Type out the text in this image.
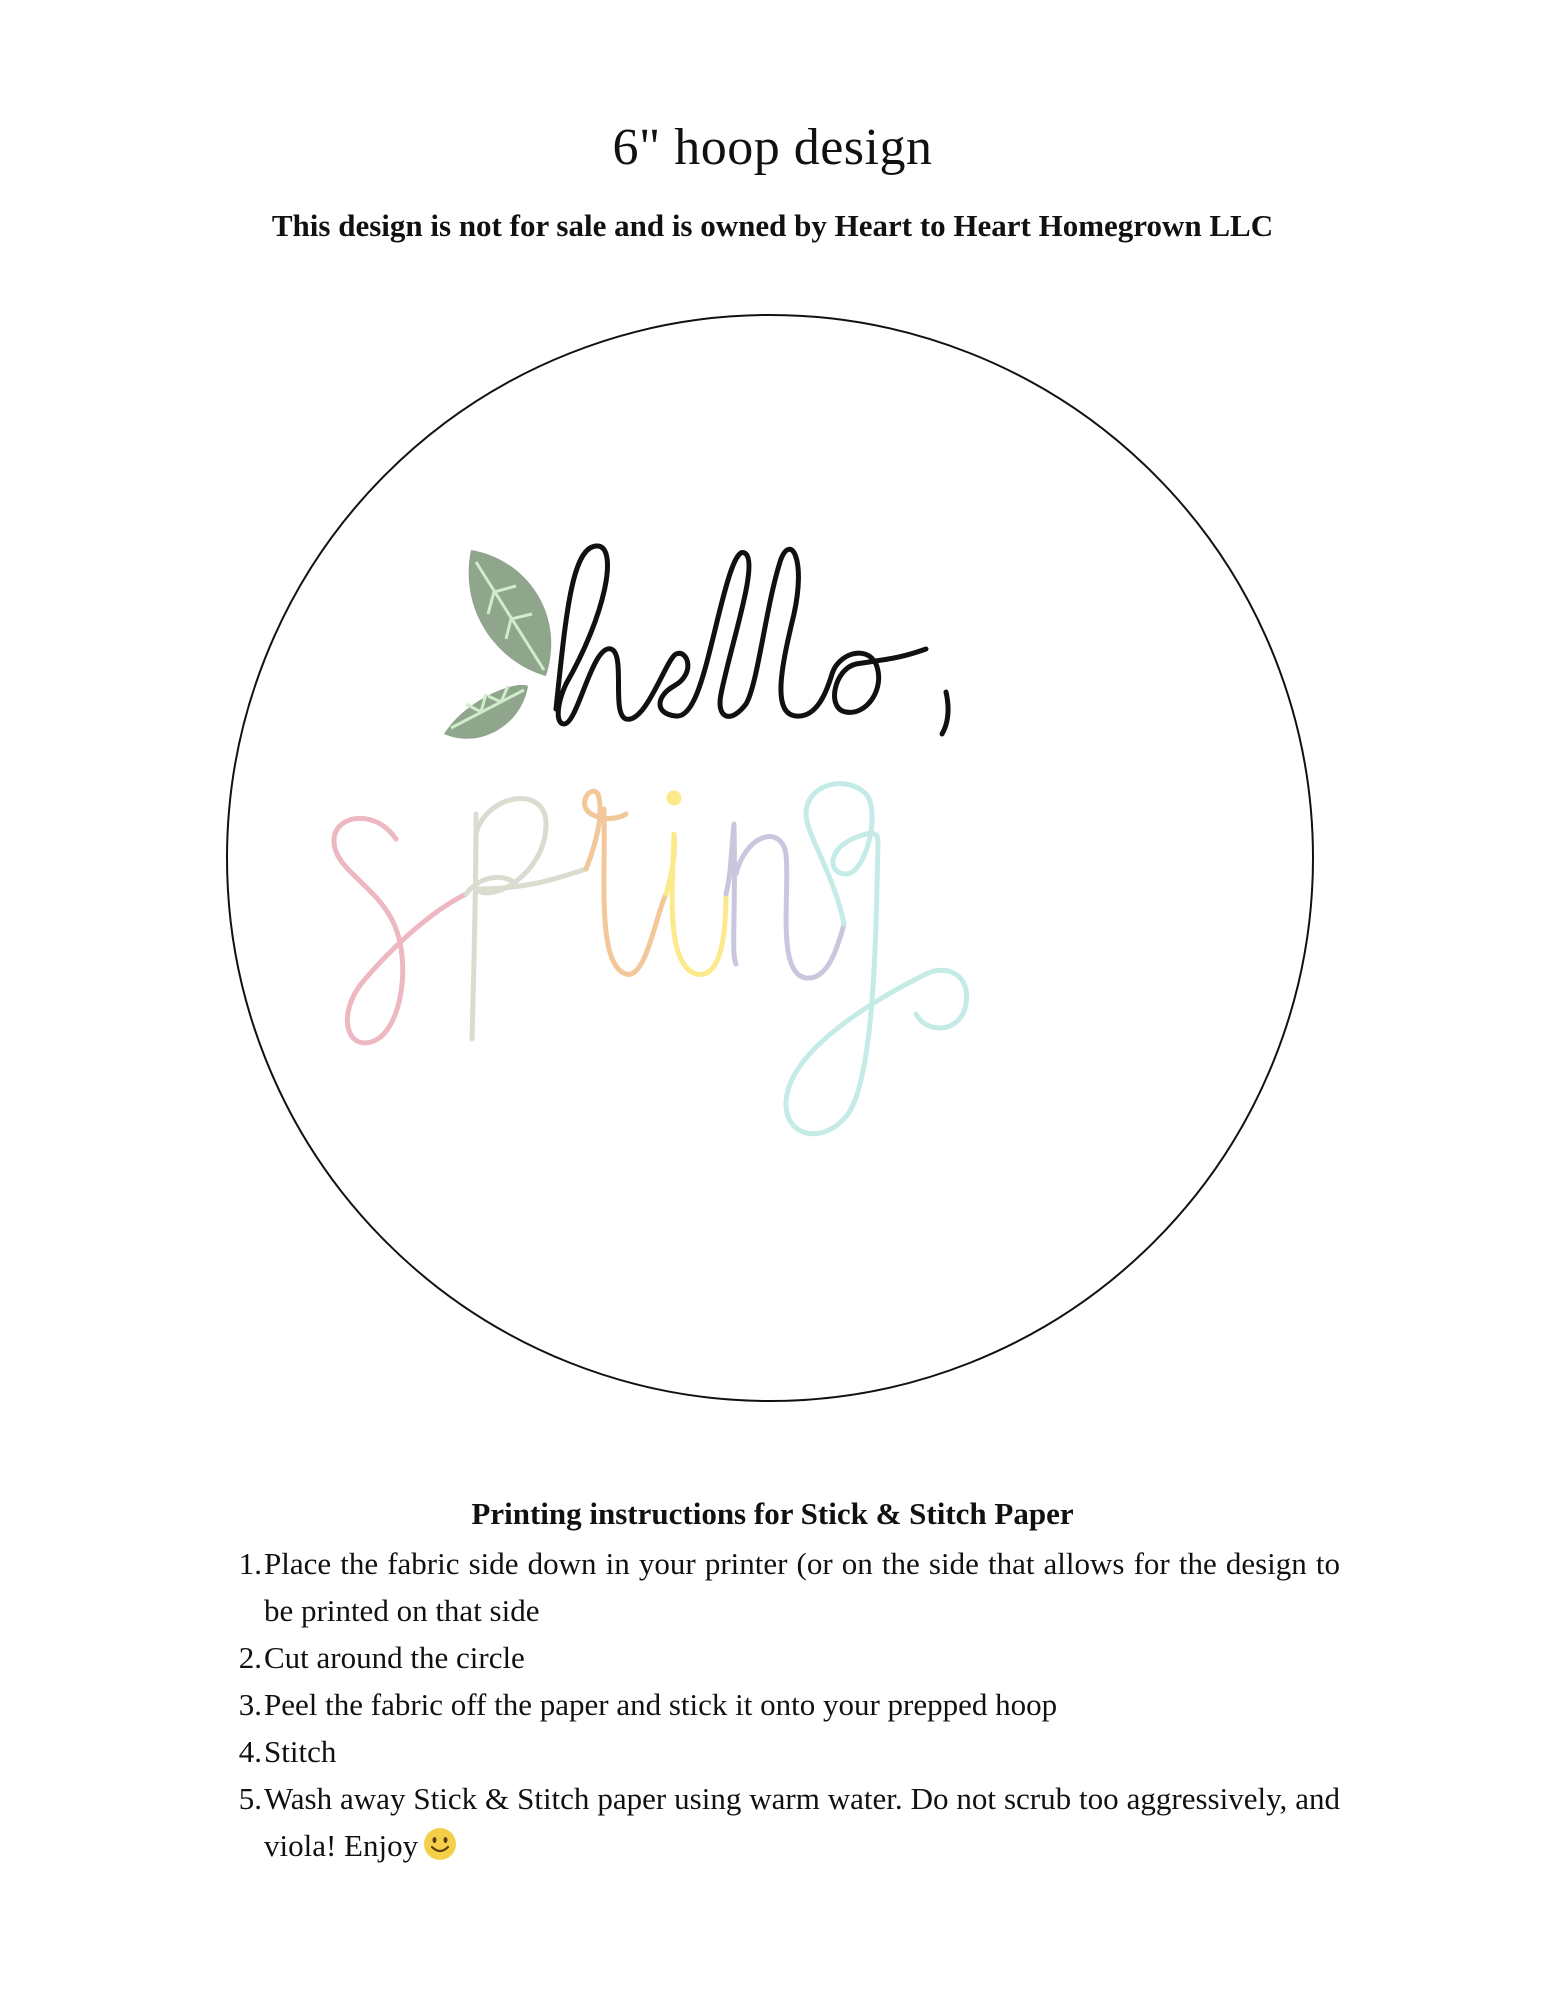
6" hoop design
This design is not for sale and is owned by Heart to Heart Homegrown LLC
Printing instructions for Stick & Stitch Paper
1. Place the fabric side down in your printer (or on the side that allows for the design to be printed on that side
2. Cut around the circle
3. Peel the fabric off the paper and stick it onto your prepped hoop
4. Stitch
5. Wash away Stick & Stitch paper using warm water. Do not scrub too aggressively, and viola! Enjoy
